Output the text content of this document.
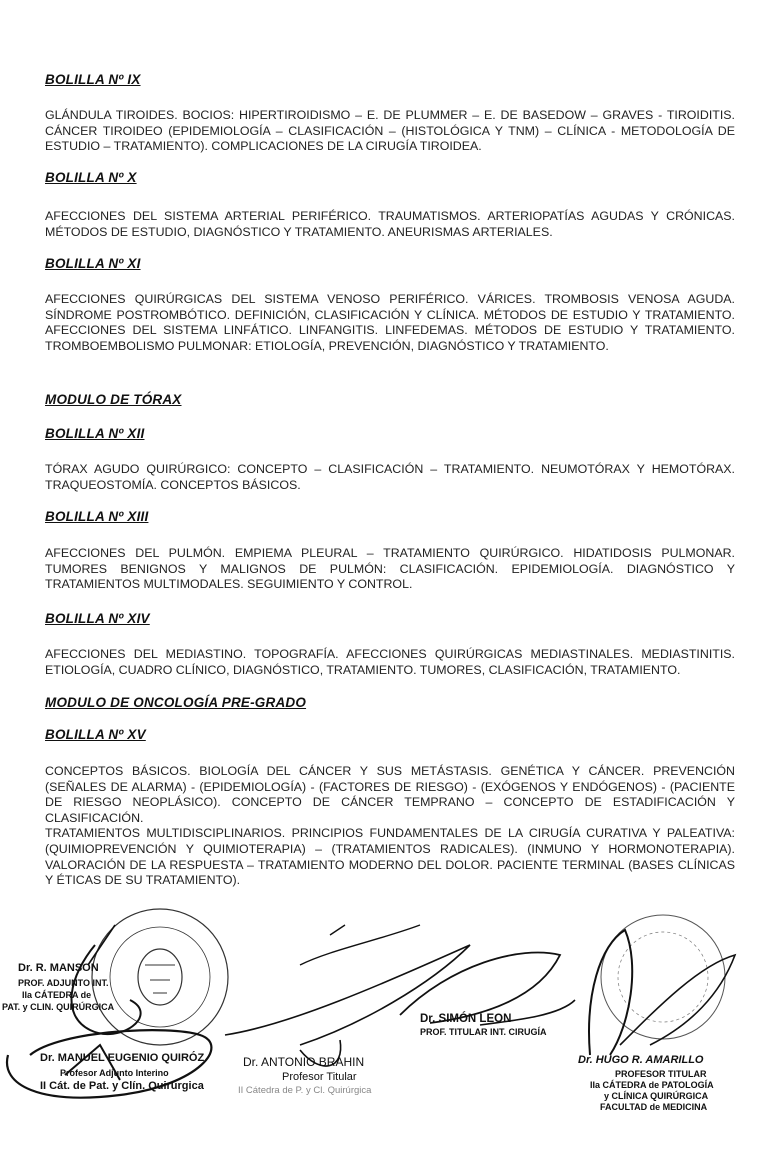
BOLILLA Nº IX

GLÁNDULA TIROIDES. BOCIOS: HIPERTIROIDISMO – E. DE PLUMMER – E. DE BASEDOW – GRAVES - TIROIDITIS. CÁNCER TIROIDEO (EPIDEMIOLOGÍA – CLASIFICACIÓN – (HISTOLÓGICA Y TNM) – CLÍNICA - METODOLOGÍA DE ESTUDIO – TRATAMIENTO). COMPLICACIONES DE LA CIRUGÍA TIROIDEA.

BOLILLA Nº X

AFECCIONES DEL SISTEMA ARTERIAL PERIFÉRICO. TRAUMATISMOS. ARTERIOPATÍAS AGUDAS Y CRÓNICAS. MÉTODOS DE ESTUDIO, DIAGNÓSTICO Y TRATAMIENTO. ANEURISMAS ARTERIALES.

BOLILLA Nº XI

AFECCIONES QUIRÚRGICAS DEL SISTEMA VENOSO PERIFÉRICO. VÁRICES. TROMBOSIS VENOSA AGUDA. SÍNDROME POSTROMBÓTICO. DEFINICIÓN, CLASIFICACIÓN Y CLÍNICA. MÉTODOS DE ESTUDIO Y TRATAMIENTO. AFECCIONES DEL SISTEMA LINFÁTICO. LINFANGITIS. LINFEDEMAS. MÉTODOS DE ESTUDIO Y TRATAMIENTO. TROMBOEMBOLISMO PULMONAR: ETIOLOGÍA, PREVENCIÓN, DIAGNÓSTICO Y TRATAMIENTO.

MODULO DE TÓRAX
BOLILLA Nº XII

TÓRAX AGUDO QUIRÚRGICO: CONCEPTO – CLASIFICACIÓN – TRATAMIENTO. NEUMOTÓRAX Y HEMOTÓRAX. TRAQUEOSTOMÍA. CONCEPTOS BÁSICOS.

BOLILLA Nº XIII

AFECCIONES DEL PULMÓN. EMPIEMA PLEURAL – TRATAMIENTO QUIRÚRGICO. HIDATIDOSIS PULMONAR. TUMORES BENIGNOS Y MALIGNOS DE PULMÓN: CLASIFICACIÓN. EPIDEMIOLOGÍA. DIAGNÓSTICO Y TRATAMIENTOS MULTIMODALES. SEGUIMIENTO Y CONTROL.

BOLILLA Nº XIV

AFECCIONES DEL MEDIASTINO. TOPOGRAFÍA. AFECCIONES QUIRÚRGICAS MEDIASTINALES. MEDIASTINITIS. ETIOLOGÍA, CUADRO CLÍNICO, DIAGNÓSTICO, TRATAMIENTO. TUMORES, CLASIFICACIÓN, TRATAMIENTO.

MODULO DE ONCOLOGÍA PRE-GRADO
BOLILLA Nº XV

CONCEPTOS BÁSICOS. BIOLOGÍA DEL CÁNCER Y SUS METÁSTASIS. GENÉTICA Y CÁNCER. PREVENCIÓN (SEÑALES DE ALARMA) - (EPIDEMIOLOGÍA) - (FACTORES DE RIESGO) - (EXÓGENOS Y ENDÓGENOS) - (PACIENTE DE RIESGO NEOPLÁSICO). CONCEPTO DE CÁNCER TEMPRANO – CONCEPTO DE ESTADIFICACIÓN Y CLASIFICACIÓN.
TRATAMIENTOS MULTIDISCIPLINARIOS. PRINCIPIOS FUNDAMENTALES DE LA CIRUGÍA CURATIVA Y PALEATIVA: (QUIMIOPREVENCIÓN Y QUIMIOTERAPIA) – (TRATAMIENTOS RADICALES). (INMUNO Y HORMONOTERAPIA). VALORACIÓN DE LA RESPUESTA – TRATAMIENTO MODERNO DEL DOLOR. PACIENTE TERMINAL (BASES CLÍNICAS Y ÉTICAS DE SU TRATAMIENTO).

Dr. R. MANSON
PROF. ADJUNTO INT.
IIa CÁTEDRA de
PAT. y CLIN. QUIRÚRGICA
Dr. MANUEL EUGENIO QUIRÓZ
Profesor Adjunto Interino
II Cát. de Pat. y Clín. Quirúrgica
Dr. ANTONIO BRAHIN
Profesor Titular
II Cátedra de P. y Cl. Quirúrgica
Dr. SIMÓN LEON
PROF. TITULAR INT. CIRUGÍA
Dr. HUGO R. AMARILLO
PROFESOR TITULAR
IIa CÁTEDRA de PATOLOGÍA
y CLÍNICA QUIRÚRGICA
FACULTAD de MEDICINA
